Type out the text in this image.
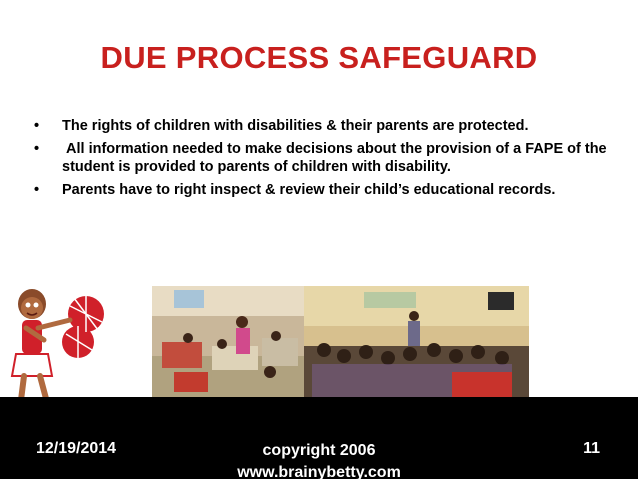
DUE PROCESS SAFEGUARD
• The rights of children with disabilities & their parents are protected.
• All information needed to make decisions about the provision of a FAPE of the student is provided to parents of children with disability.
• Parents have to right inspect & review their child’s educational records.
12/19/2014	copyright 2006
www.brainybetty.com
11
